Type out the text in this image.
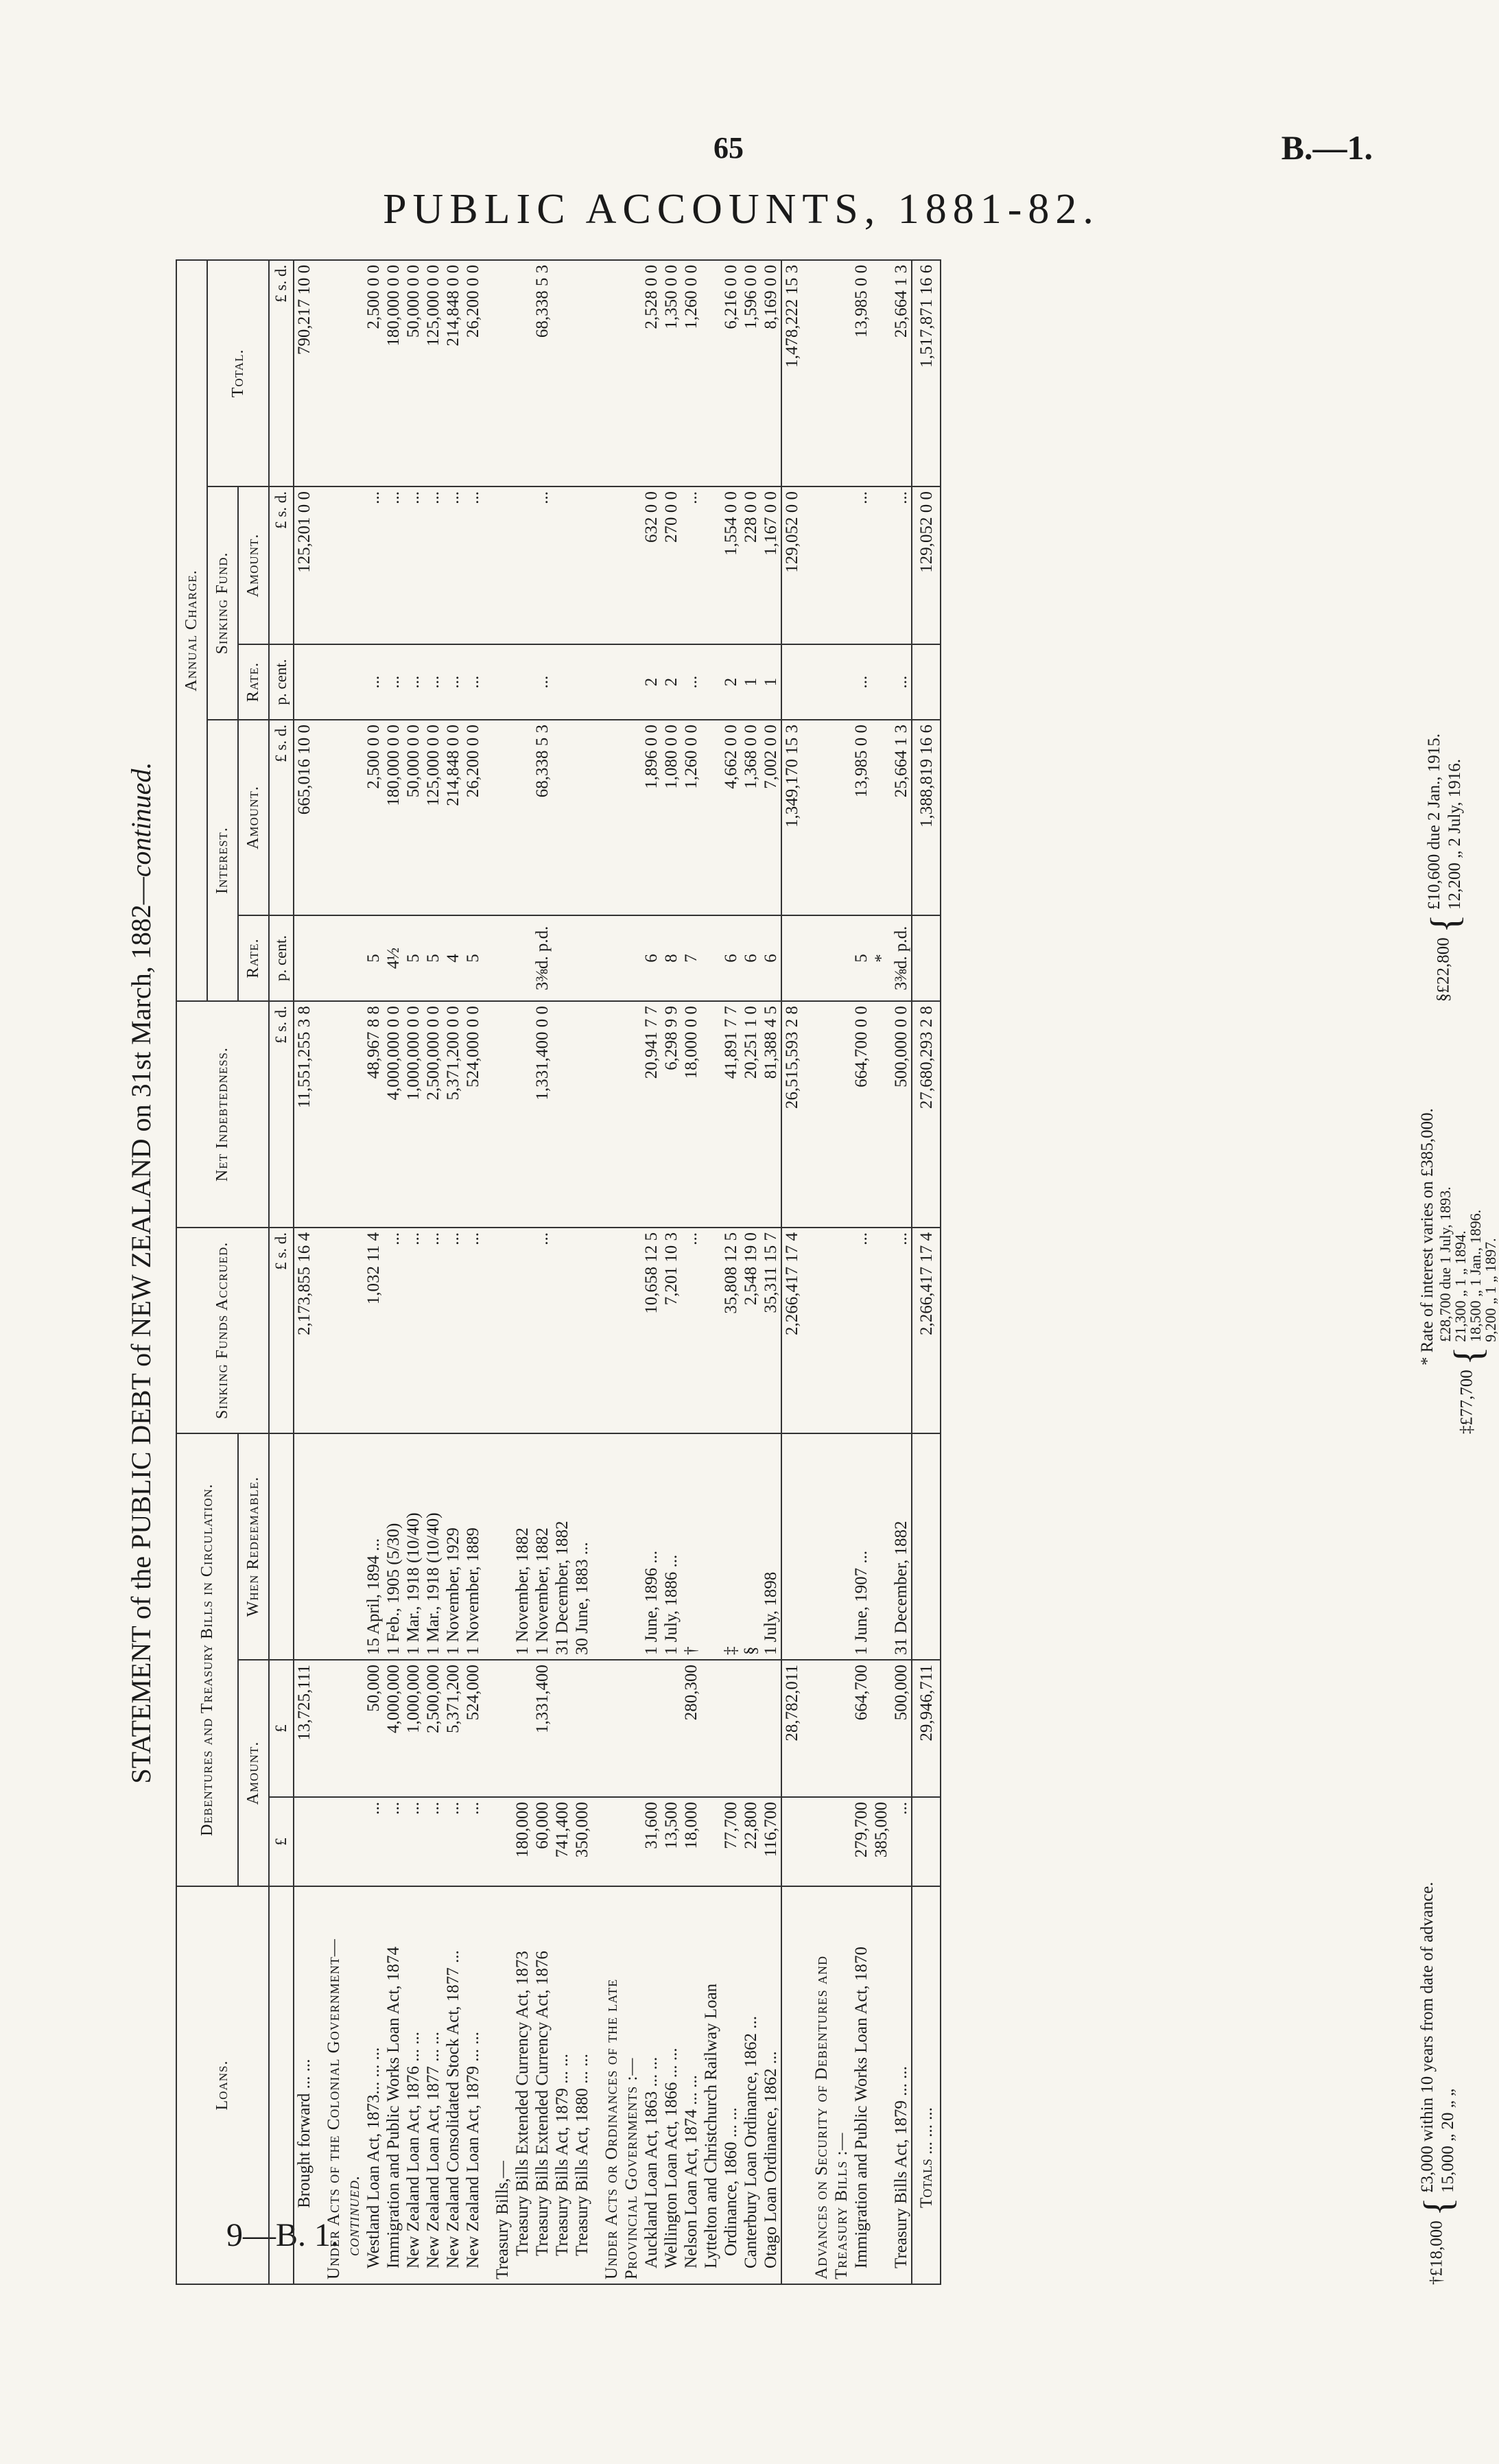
65	B.—1.
PUBLIC ACCOUNTS, 1881-82.
9—B. 1.
STATEMENT of the PUBLIC DEBT of NEW ZEALAND on 31st March, 1882—continued.
Loans.	Debentures and Treasury Bills in Circulation.			Sinking Funds Accrued.	Net Indebtedness.	Annual Charge.				
						Interest.		Sinking Fund.		Total.
	Amount.		When Redeemable.			Rate.	Amount.	Rate.	Amount.	
	£	£		£ s. d.	£ s. d.	p. cent.	£ s. d.	p. cent.	£ s. d.	£ s. d.
Brought forward ... ...		13,725,111		2,173,855 16 4	11,551,255 3 8		665,016 10 0		125,201 0 0	790,217 10 0

Under Acts of the Colonial Government—										
continued.										
Westland Loan Act, 1873... ... ...	...	50,000	15 April, 1894 ...	1,032 11 4	48,967 8 8	5	2,500 0 0	...	...	2,500 0 0
Immigration and Public Works Loan Act, 1874	...	4,000,000	1 Feb., 1905 (5/30)	...	4,000,000 0 0	4½	180,000 0 0	...	...	180,000 0 0
New Zealand Loan Act, 1876 ... ...	...	1,000,000	1 Mar., 1918 (10/40)	...	1,000,000 0 0	5	50,000 0 0	...	...	50,000 0 0
New Zealand Loan Act, 1877 ... ...	...	2,500,000	1 Mar., 1918 (10/40)	...	2,500,000 0 0	5	125,000 0 0	...	...	125,000 0 0
New Zealand Consolidated Stock Act, 1877 ...	...	5,371,200	1 November, 1929	...	5,371,200 0 0	4	214,848 0 0	...	...	214,848 0 0
New Zealand Loan Act, 1879 ... ...	...	524,000	1 November, 1889	...	524,000 0 0	5	26,200 0 0	...	...	26,200 0 0

Treasury Bills,—										
Treasury Bills Extended Currency Act, 1873	180,000		1 November, 1882							
Treasury Bills Extended Currency Act, 1876	60,000	1,331,400	1 November, 1882	...	1,331,400 0 0	3⅜d. p.d.	68,338 5 3	...	...	68,338 5 3
Treasury Bills Act, 1879 ... ...	741,400		31 December, 1882							
Treasury Bills Act, 1880 ... ...	350,000		30 June, 1883 ...							

Under Acts or Ordinances of the late										
Provincial Governments :—										
Auckland Loan Act, 1863 ... ...	31,600		1 June, 1896 ...	10,658 12 5	20,941 7 7	6	1,896 0 0	2	632 0 0	2,528 0 0
Wellington Loan Act, 1866 ... ...	13,500		1 July, 1886 ...	7,201 10 3	6,298 9 9	8	1,080 0 0	2	270 0 0	1,350 0 0
Nelson Loan Act, 1874 ... ...	18,000	280,300	†	...	18,000 0 0	7	1,260 0 0	...	...	1,260 0 0
Lyttelton and Christchurch Railway Loan										
Ordinance, 1860 ... ...	77,700		‡	35,808 12 5	41,891 7 7	6	4,662 0 0	2	1,554 0 0	6,216 0 0
Canterbury Loan Ordinance, 1862 ...	22,800		§	2,548 19 0	20,251 1 0	6	1,368 0 0	1	228 0 0	1,596 0 0
Otago Loan Ordinance, 1862 ...	116,700		1 July, 1898	35,311 15 7	81,388 4 5	6	7,002 0 0	1	1,167 0 0	8,169 0 0
		28,782,011		2,266,417 17 4	26,515,593 2 8		1,349,170 15 3		129,052 0 0	1,478,222 15 3

Advances on Security of Debentures and										
Treasury Bills :—										
Immigration and Public Works Loan Act, 1870	279,700	664,700	1 June, 1907 ...	...	664,700 0 0	5	13,985 0 0	...	...	13,985 0 0
	385,000					*				
Treasury Bills Act, 1879 ... ...	...	500,000	31 December, 1882	...	500,000 0 0	3⅜d. p.d.	25,664 1 3	...	...	25,664 1 3
Totals ... ... ...		29,946,711		2,266,417 17 4	27,680,293 2 8		1,388,819 16 6		129,052 0 0	1,517,871 16 6
†£18,000 { £3,000 within 10 years from date of advance. 15,000 „ 20 „ „
* Rate of interest varies on £385,000.
‡£77,700 { £28,700 due 1 July, 1893.
21,300 „ 1 „ 1894.
18,500 „ 1 Jan., 1896.
9,200 „ 1 „ 1897.
§£22,800 { £10,600 due 2 Jan., 1915. 12,200 „ 2 July, 1916.
